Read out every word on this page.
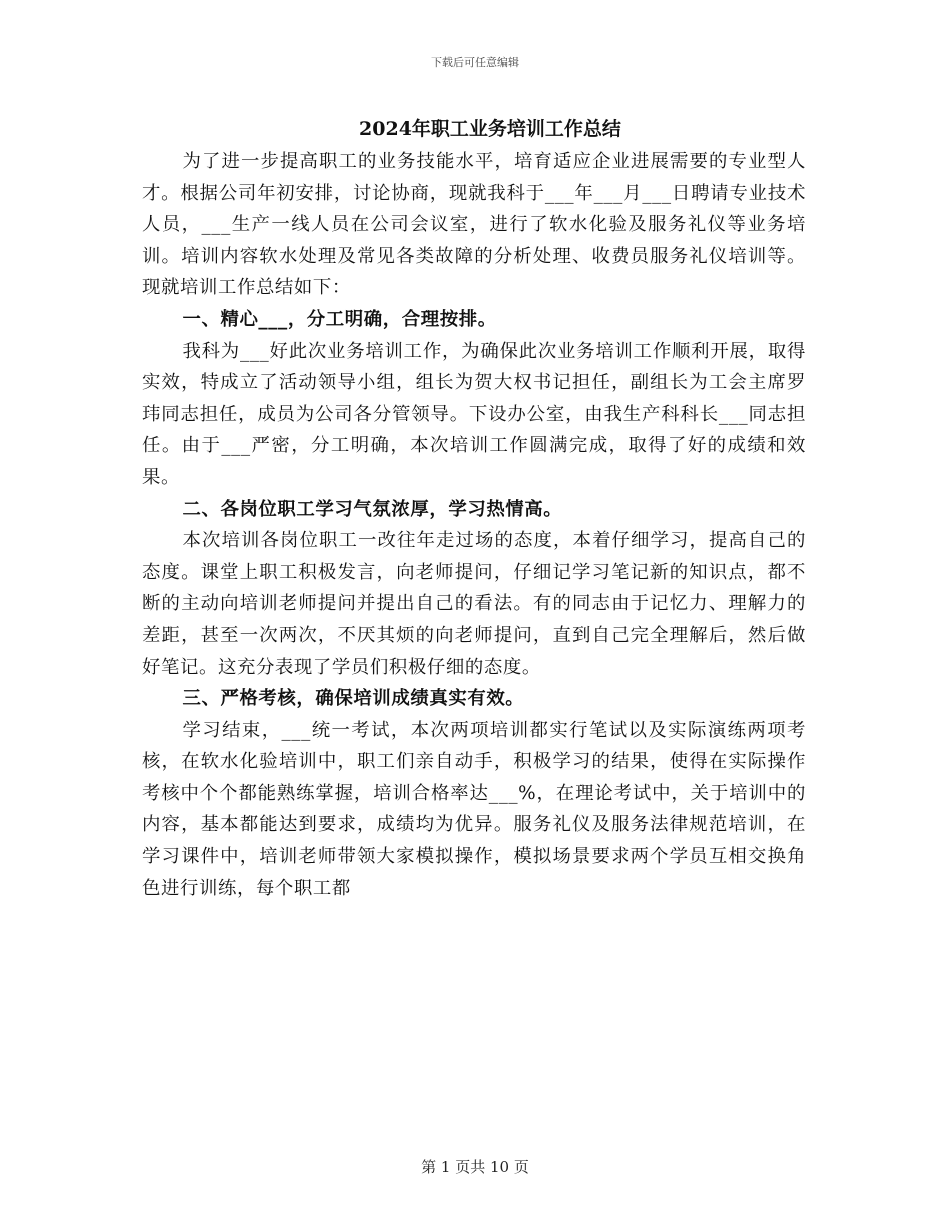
下载后可任意编辑
2024年职工业务培训工作总结

为了进一步提高职工的业务技能水平，培育适应企业进展需要的专业型人才。根据公司年初安排，讨论协商，现就我科于___年___月___日聘请专业技术人员，___生产一线人员在公司会议室，进行了软水化验及服务礼仪等业务培训。培训内容软水处理及常见各类故障的分析处理、收费员服务礼仪培训等。现就培训工作总结如下：

一、精心___，分工明确，合理按排。

我科为___好此次业务培训工作，为确保此次业务培训工作顺利开展，取得实效，特成立了活动领导小组，组长为贺大权书记担任，副组长为工会主席罗玮同志担任，成员为公司各分管领导。下设办公室，由我生产科科长___同志担任。由于___严密，分工明确，本次培训工作圆满完成，取得了好的成绩和效果。

二、各岗位职工学习气氛浓厚，学习热情高。

本次培训各岗位职工一改往年走过场的态度，本着仔细学习，提高自己的态度。课堂上职工积极发言，向老师提问，仔细记学习笔记新的知识点，都不断的主动向培训老师提问并提出自己的看法。有的同志由于记忆力、理解力的差距，甚至一次两次，不厌其烦的向老师提问，直到自己完全理解后，然后做好笔记。这充分表现了学员们积极仔细的态度。

三、严格考核，确保培训成绩真实有效。

学习结束，___统一考试，本次两项培训都实行笔试以及实际演练两项考核，在软水化验培训中，职工们亲自动手，积极学习的结果，使得在实际操作考核中个个都能熟练掌握，培训合格率达___%，在理论考试中，关于培训中的内容，基本都能达到要求，成绩均为优异。服务礼仪及服务法律规范培训，在学习课件中，培训老师带领大家模拟操作，模拟场景要求两个学员互相交换角色进行训练，每个职工都

第 1 页共 10 页
